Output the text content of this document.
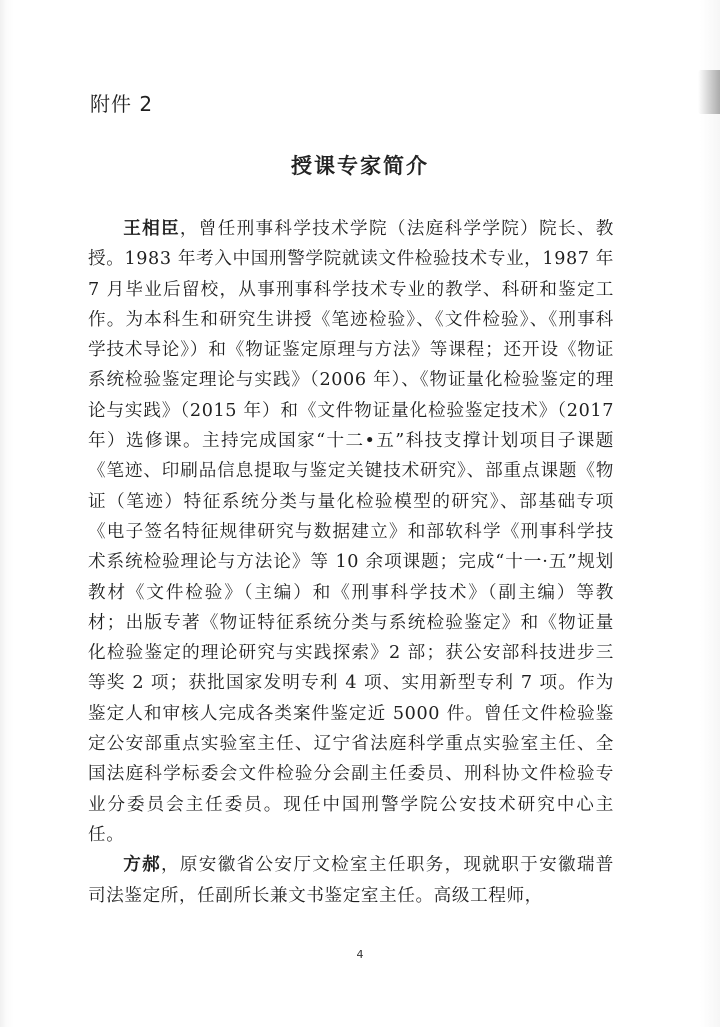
附件 2
授课专家简介

王相臣，曾任刑事科学技术学院（法庭科学学院）院长、教授。1983 年考入中国刑警学院就读文件检验技术专业，1987 年 7 月毕业后留校，从事刑事科学技术专业的教学、科研和鉴定工作。为本科生和研究生讲授《笔迹检验》、《文件检验》、《刑事科学技术导论》）和《物证鉴定原理与方法》等课程；还开设《物证系统检验鉴定理论与实践》（2006 年）、《物证量化检验鉴定的理论与实践》（2015 年）和《文件物证量化检验鉴定技术》（2017 年）选修课。主持完成国家“十二•五”科技支撑计划项目子课题《笔迹、印刷品信息提取与鉴定关键技术研究》、部重点课题《物证（笔迹）特征系统分类与量化检验模型的研究》、部基础专项《电子签名特征规律研究与数据建立》和部软科学《刑事科学技术系统检验理论与方法论》等 10 余项课题；完成“十一·五”规划教材《文件检验》（主编）和《刑事科学技术》（副主编）等教材；出版专著《物证特征系统分类与系统检验鉴定》和《物证量化检验鉴定的理论研究与实践探索》2 部；获公安部科技进步三等奖 2 项；获批国家发明专利 4 项、实用新型专利 7 项。作为鉴定人和审核人完成各类案件鉴定近 5000 件。曾任文件检验鉴定公安部重点实验室主任、辽宁省法庭科学重点实验室主任、全国法庭科学标委会文件检验分会副主任委员、刑科协文件检验专业分委员会主任委员。现任中国刑警学院公安技术研究中心主任。

方郝，原安徽省公安厅文检室主任职务，现就职于安徽瑞普司法鉴定所，任副所长兼文书鉴定室主任。高级工程师，

4
